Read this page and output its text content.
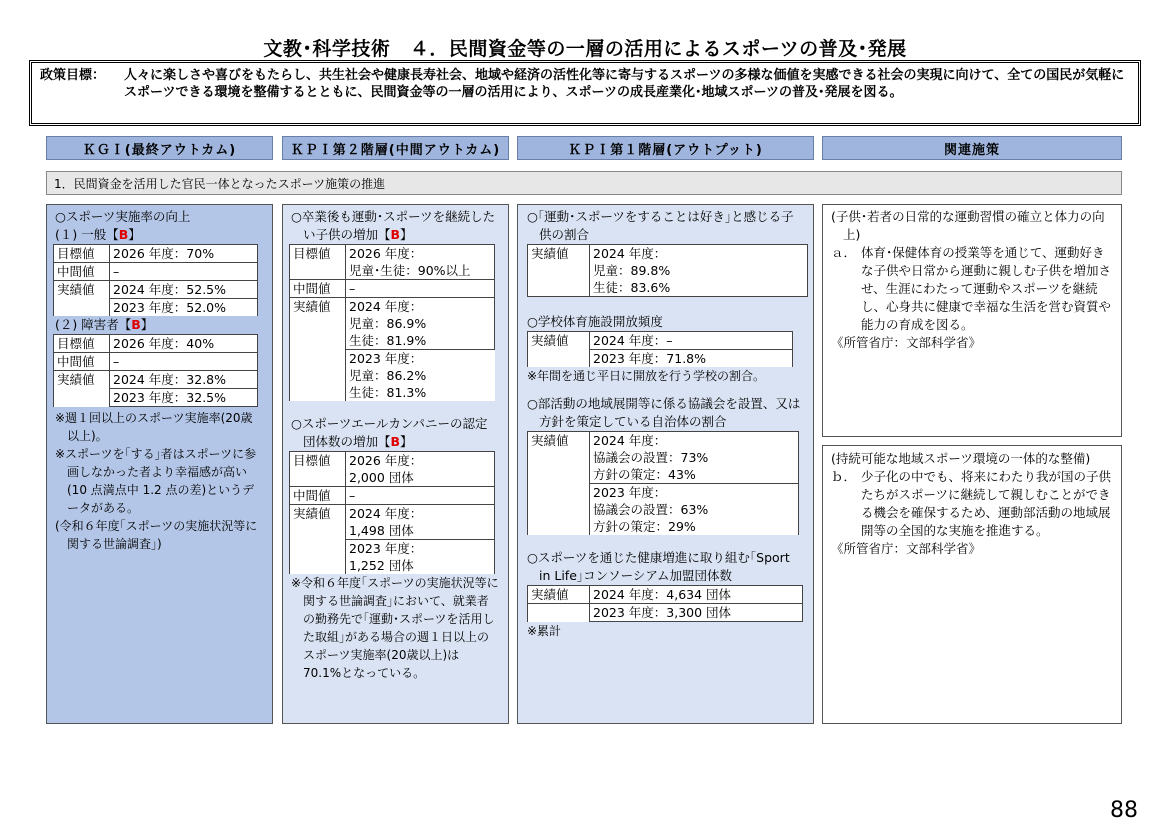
文教･科学技術　４．民間資金等の一層の活用によるスポーツの普及･発展
政策目標： 人々に楽しさや喜びをもたらし、共生社会や健康長寿社会、地域や経済の活性化等に寄与するスポーツの多様な価値を実感できる社会の実現に向けて、全ての国民が気軽にスポーツできる環境を整備するとともに、民間資金等の一層の活用により、スポーツの成長産業化･地域スポーツの普及･発展を図る。
ＫＧＩ(最終アウトカム)	ＫＰＩ第２階層(中間アウトカム)	ＫＰＩ第１階層(アウトプット)	関連施策
1．民間資金を活用した官民一体となったスポーツ施策の推進
○スポーツ実施率の向上
(１) 一般【B】
目標値	2026 年度：70%
中間値	–
実績値	2024 年度：52.5%
	2023 年度：52.0%
(２) 障害者【B】
目標値	2026 年度：40%
中間値	–
実績値	2024 年度：32.8%
	2023 年度：32.5%
※週１回以上のスポーツ実施率(20歳以上)。
※スポーツを｢する｣者はスポーツに参画しなかった者より幸福感が高い(10 点満点中 1.2 点の差)というデータがある。
(令和６年度｢スポーツの実施状況等に関する世論調査｣)
○卒業後も運動･スポーツを継続したい子供の増加【B】
目標値	2026 年度：
児童･生徒：90%以上

中間値	–
実績値	2024 年度：
児童：86.9%
生徒：81.9%

	2023 年度：
児童：86.2%
生徒：81.3%
○スポーツエールカンパニーの認定団体数の増加【B】
目標値	2026 年度：
2,000 団体

中間値	–
実績値	2024 年度：
1,498 団体

	2023 年度：
1,252 団体
※令和６年度｢スポーツの実施状況等に関する世論調査｣において、就業者の勤務先で｢運動･スポーツを活用した取組｣がある場合の週１日以上のスポーツ実施率(20歳以上)は 70.1%となっている。
○｢運動･スポーツをすることは好き｣と感じる子供の割合
実績値	2024 年度：
児童：89.8%
生徒：83.6%
○学校体育施設開放頻度
実績値	2024 年度：–
	2023 年度：71.8%
※年間を通じ平日に開放を行う学校の割合。
○部活動の地域展開等に係る協議会を設置、又は方針を策定している自治体の割合
実績値	2024 年度：
協議会の設置：73%
方針の策定：43%

	2023 年度：
協議会の設置：63%
方針の策定：29%
○スポーツを通じた健康増進に取り組む｢Sport in Life｣コンソーシアム加盟団体数
実績値	2024 年度：4,634 団体
	2023 年度：3,300 団体
※累計
(子供･若者の日常的な運動習慣の確立と体力の向上)
ａ． 体育･保健体育の授業等を通じて、運動好きな子供や日常から運動に親しむ子供を増加させ、生涯にわたって運動やスポーツを継続し、心身共に健康で幸福な生活を営む資質や能力の育成を図る。
《所管省庁：文部科学省》
(持続可能な地域スポーツ環境の一体的な整備)
ｂ． 少子化の中でも、将来にわたり我が国の子供たちがスポーツに継続して親しむことができる機会を確保するため、運動部活動の地域展開等の全国的な実施を推進する。
《所管省庁：文部科学省》
88
